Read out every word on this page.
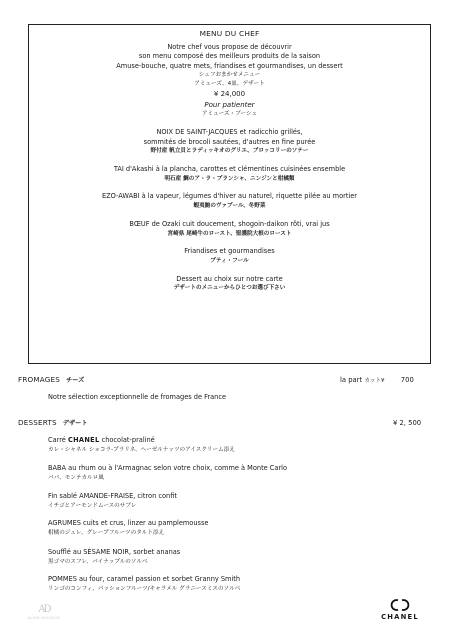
MENU DU CHEF
Notre chef vous propose de découvrir
son menu composé des meilleurs produits de la saison
Amuse-bouche, quatre mets, friandises et gourmandises, un dessert
シェフおまかせメニュー
アミューズ、4皿、デザート
¥ 24,000
Pour patienter
アミューズ・ブーシュ
NOIX DE SAINT-JACQUES et radicchio grillés,
sommités de brocoli sautées, d'autres en fine purée
野付産 帆立貝とラディッキオのグリエ、ブロッコリーのソテー
TAI d'Akashi à la plancha, carottes et clémentines cuisinées ensemble
明石産 鯛のア・ラ・プランシャ、ニンジンと柑橘類
EZO-AWABI à la vapeur, légumes d'hiver au naturel, riquette pilée au mortier
蝦夷鮑のヴァプール、冬野菜
BŒUF de Ozaki cuit doucement, shogoin-daikon rôti, vrai jus
宮崎県 尾崎牛のロースト、聖護院大根のロースト
Friandises et gourmandises
プティ・フール
Dessert au choix sur notre carte
デザートのメニューからひとつお選び下さい
FROMAGES チーズ	la part カット¥ 700
Notre sélection exceptionnelle de fromages de France
DESSERTS デザート	¥ 2, 500
Carré CHANEL chocolat-praliné
カレ・シャネル ショコラ-プラリネ、ヘーゼルナッツのアイスクリーム添え
BABA au rhum ou à l'Armagnac selon votre choix, comme à Monte Carlo
ババ、モンテカルロ風
Fin sablé AMANDE-FRAISE, citron confit
イチゴとアーモンドムースのサブレ
AGRUMES cuits et crus, linzer au pamplemousse
柑橘のジュレ、グレープフルーツのタルト添え
Soufflé au SÉSAME NOIR, sorbet ananas
黒ゴマのスフレ、パイナップルのソルベ
POMMES au four, caramel passion et sorbet Granny Smith
リンゴのコンフィ、パッションフルーツ/キャラメル グラニースミスのソルベ
AD
ALAIN DUCASSE	CHANEL
